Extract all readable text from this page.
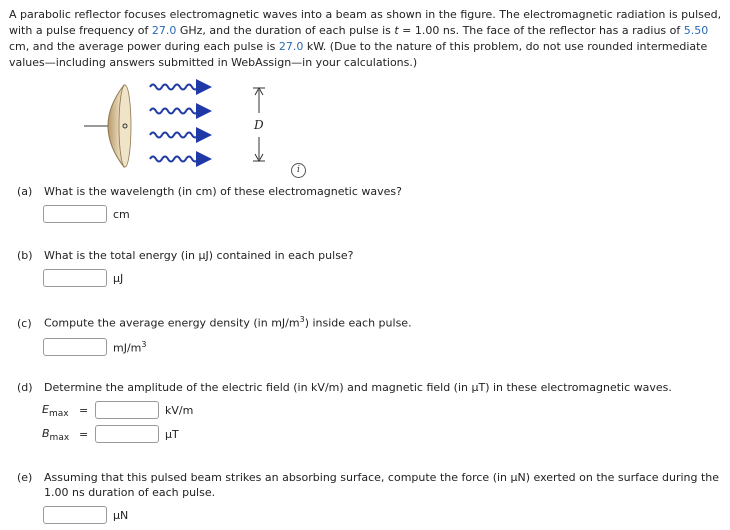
A parabolic reflector focuses electromagnetic waves into a beam as shown in the figure. The electromagnetic radiation is pulsed, with a pulse frequency of 27.0 GHz, and the duration of each pulse is t = 1.00 ns. The face of the reflector has a radius of 5.50 cm, and the average power during each pulse is 27.0 kW. (Due to the nature of this problem, do not use rounded intermediate values—including answers submitted in WebAssign—in your calculations.)
D
i
(a) What is the wavelength (in cm) of these electromagnetic waves?
cm
(b) What is the total energy (in μJ) contained in each pulse?
μJ
(c) Compute the average energy density (in $mJ/m^3$) inside each pulse.
$mJ/m^3$
(d) Determine the amplitude of the electric field (in kV/m) and magnetic field (in μT) in these electromagnetic waves.
$E_{max}$ =	kV/m
$B_{max}$ =	μT
(e) Assuming that this pulsed beam strikes an absorbing surface, compute the force (in μN) exerted on the surface during the
1.00 ns duration of each pulse.
μN
